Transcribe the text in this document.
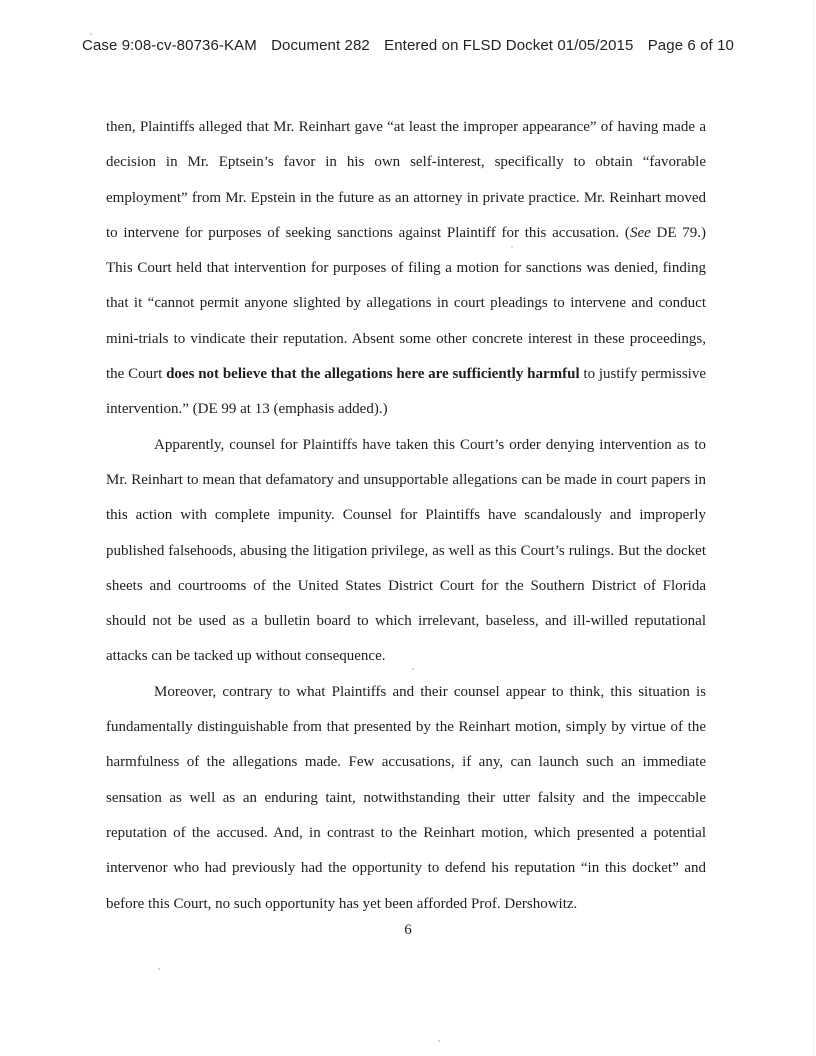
Case 9:08-cv-80736-KAM Document 282 Entered on FLSD Docket 01/05/2015 Page 6 of 10

then, Plaintiffs alleged that Mr. Reinhart gave “at least the improper appearance” of having made a decision in Mr. Eptsein’s favor in his own self-interest, specifically to obtain “favorable employment” from Mr. Epstein in the future as an attorney in private practice. Mr. Reinhart moved to intervene for purposes of seeking sanctions against Plaintiff for this accusation. (See DE 79.) This Court held that intervention for purposes of filing a motion for sanctions was denied, finding that it “cannot permit anyone slighted by allegations in court pleadings to intervene and conduct mini-trials to vindicate their reputation. Absent some other concrete interest in these proceedings, the Court does not believe that the allegations here are sufficiently harmful to justify permissive intervention.” (DE 99 at 13 (emphasis added).)

Apparently, counsel for Plaintiffs have taken this Court’s order denying intervention as to Mr. Reinhart to mean that defamatory and unsupportable allegations can be made in court papers in this action with complete impunity. Counsel for Plaintiffs have scandalously and improperly published falsehoods, abusing the litigation privilege, as well as this Court’s rulings. But the docket sheets and courtrooms of the United States District Court for the Southern District of Florida should not be used as a bulletin board to which irrelevant, baseless, and ill-willed reputational attacks can be tacked up without consequence.

Moreover, contrary to what Plaintiffs and their counsel appear to think, this situation is fundamentally distinguishable from that presented by the Reinhart motion, simply by virtue of the harmfulness of the allegations made. Few accusations, if any, can launch such an immediate sensation as well as an enduring taint, notwithstanding their utter falsity and the impeccable reputation of the accused. And, in contrast to the Reinhart motion, which presented a potential intervenor who had previously had the opportunity to defend his reputation “in this docket” and before this Court, no such opportunity has yet been afforded Prof. Dershowitz.

6
